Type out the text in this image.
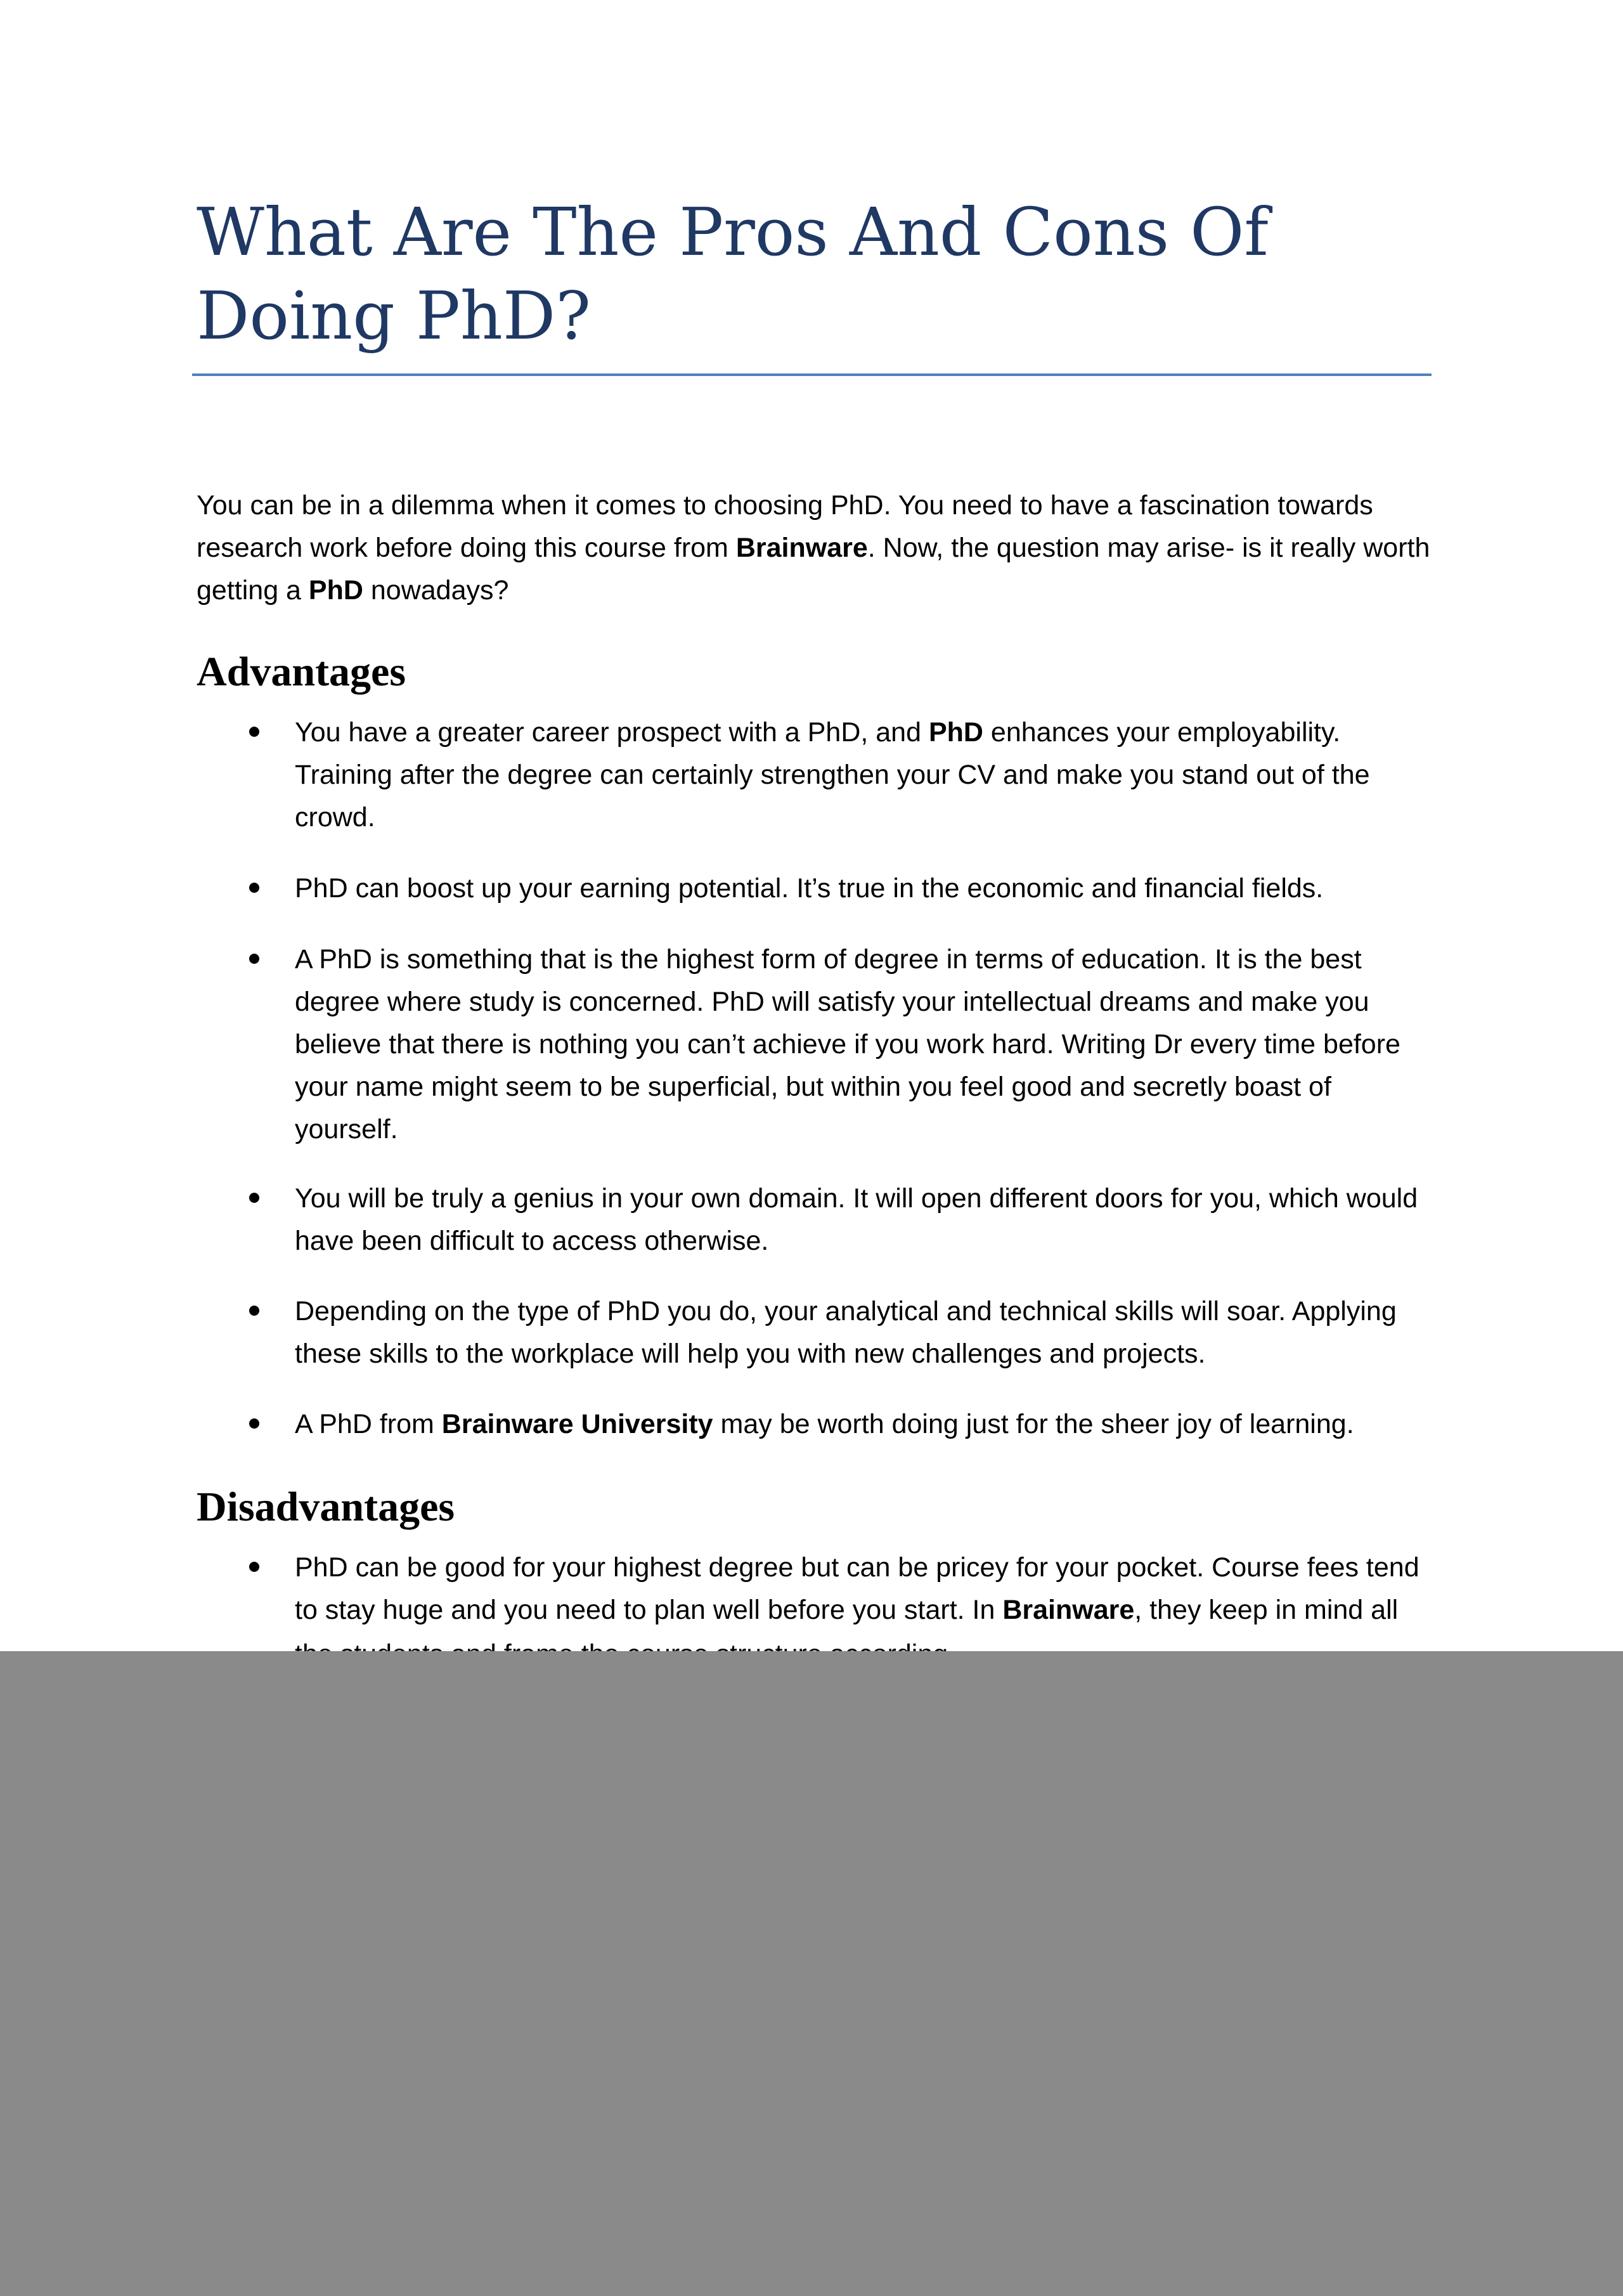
What Are The Pros And Cons Of Doing PhD?

You can be in a dilemma when it comes to choosing PhD. You need to have a fascination towards research work before doing this course from Brainware. Now, the question may arise- is it really worth getting a PhD nowadays?

Advantages

You have a greater career prospect with a PhD, and PhD enhances your employability. Training after the degree can certainly strengthen your CV and make you stand out of the crowd.

PhD can boost up your earning potential. It’s true in the economic and financial fields.

A PhD is something that is the highest form of degree in terms of education. It is the best degree where study is concerned. PhD will satisfy your intellectual dreams and make you believe that there is nothing you can’t achieve if you work hard. Writing Dr every time before your name might seem to be superficial, but within you feel good and secretly boast of yourself.

You will be truly a genius in your own domain. It will open different doors for you, which would have been difficult to access otherwise.

Depending on the type of PhD you do, your analytical and technical skills will soar. Applying these skills to the workplace will help you with new challenges and projects.

A PhD from Brainware University may be worth doing just for the sheer joy of learning.

Disadvantages

PhD can be good for your highest degree but can be pricey for your pocket. Course fees tend to stay huge and you need to plan well before you start. In Brainware, they keep in mind all
